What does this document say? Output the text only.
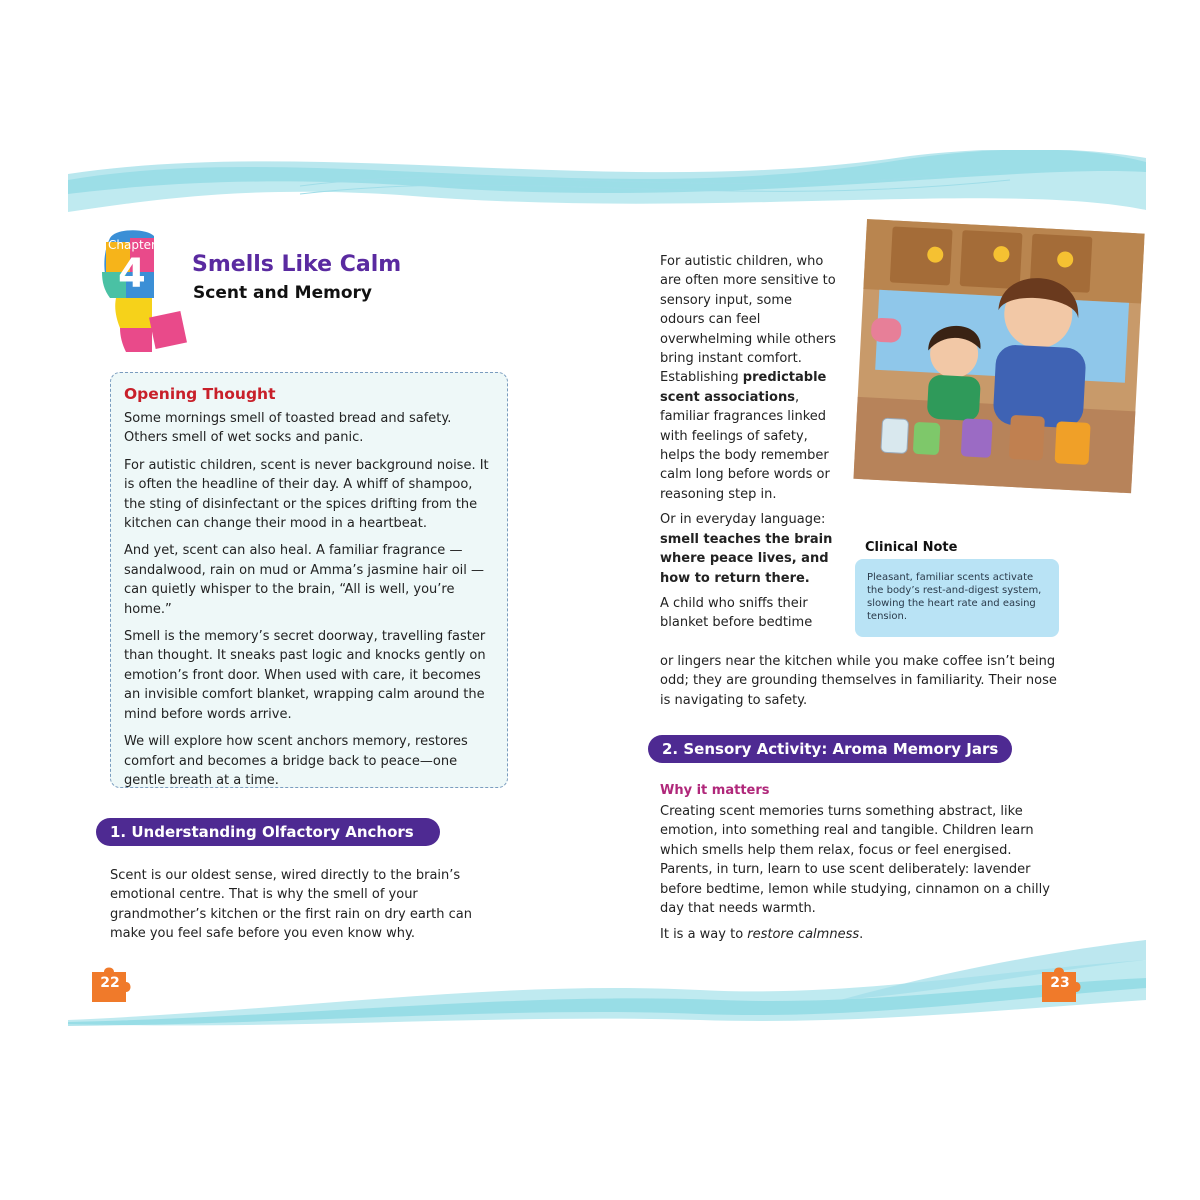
Chapter
4 Smells Like Calm
Scent and Memory
Opening Thought

Some mornings smell of toasted bread and safety. Others smell of wet socks and panic.

For autistic children, scent is never background noise. It is often the headline of their day. A whiff of shampoo, the sting of disinfectant or the spices drifting from the kitchen can change their mood in a heartbeat.

And yet, scent can also heal. A familiar fragrance — sandalwood, rain on mud or Amma’s jasmine hair oil — can quietly whisper to the brain, “All is well, you’re home.”

Smell is the memory’s secret doorway, travelling faster than thought. It sneaks past logic and knocks gently on emotion’s front door. When used with care, it becomes an invisible comfort blanket, wrapping calm around the mind before words arrive.

We will explore how scent anchors memory, restores comfort and becomes a bridge back to peace—one gentle breath at a time.

1. Understanding Olfactory Anchors
Scent is our oldest sense, wired directly to the brain’s emotional centre. That is why the smell of your grandmother’s kitchen or the first rain on dry earth can make you feel safe before you even know why.
22

For autistic children, who are often more sensitive to sensory input, some odours can feel overwhelming while others bring instant comfort. Establishing predictable scent associations, familiar fragrances linked with feelings of safety, helps the body remember calm long before words or reasoning step in.

Or in everyday language: smell teaches the brain where peace lives, and how to return there.

A child who sniffs their blanket before bedtime

or lingers near the kitchen while you make coffee isn’t being odd; they are grounding themselves in familiarity. Their nose is navigating to safety.
Clinical Note
Pleasant, familiar scents activate the body’s rest-and-digest system, slowing the heart rate and easing tension.
2. Sensory Activity: Aroma Memory Jars
Why it matters
Creating scent memories turns something abstract, like emotion, into something real and tangible. Children learn which smells help them relax, focus or feel energised. Parents, in turn, learn to use scent deliberately: lavender before bedtime, lemon while studying, cinnamon on a chilly day that needs warmth.
It is a way to restore calmness.
23
